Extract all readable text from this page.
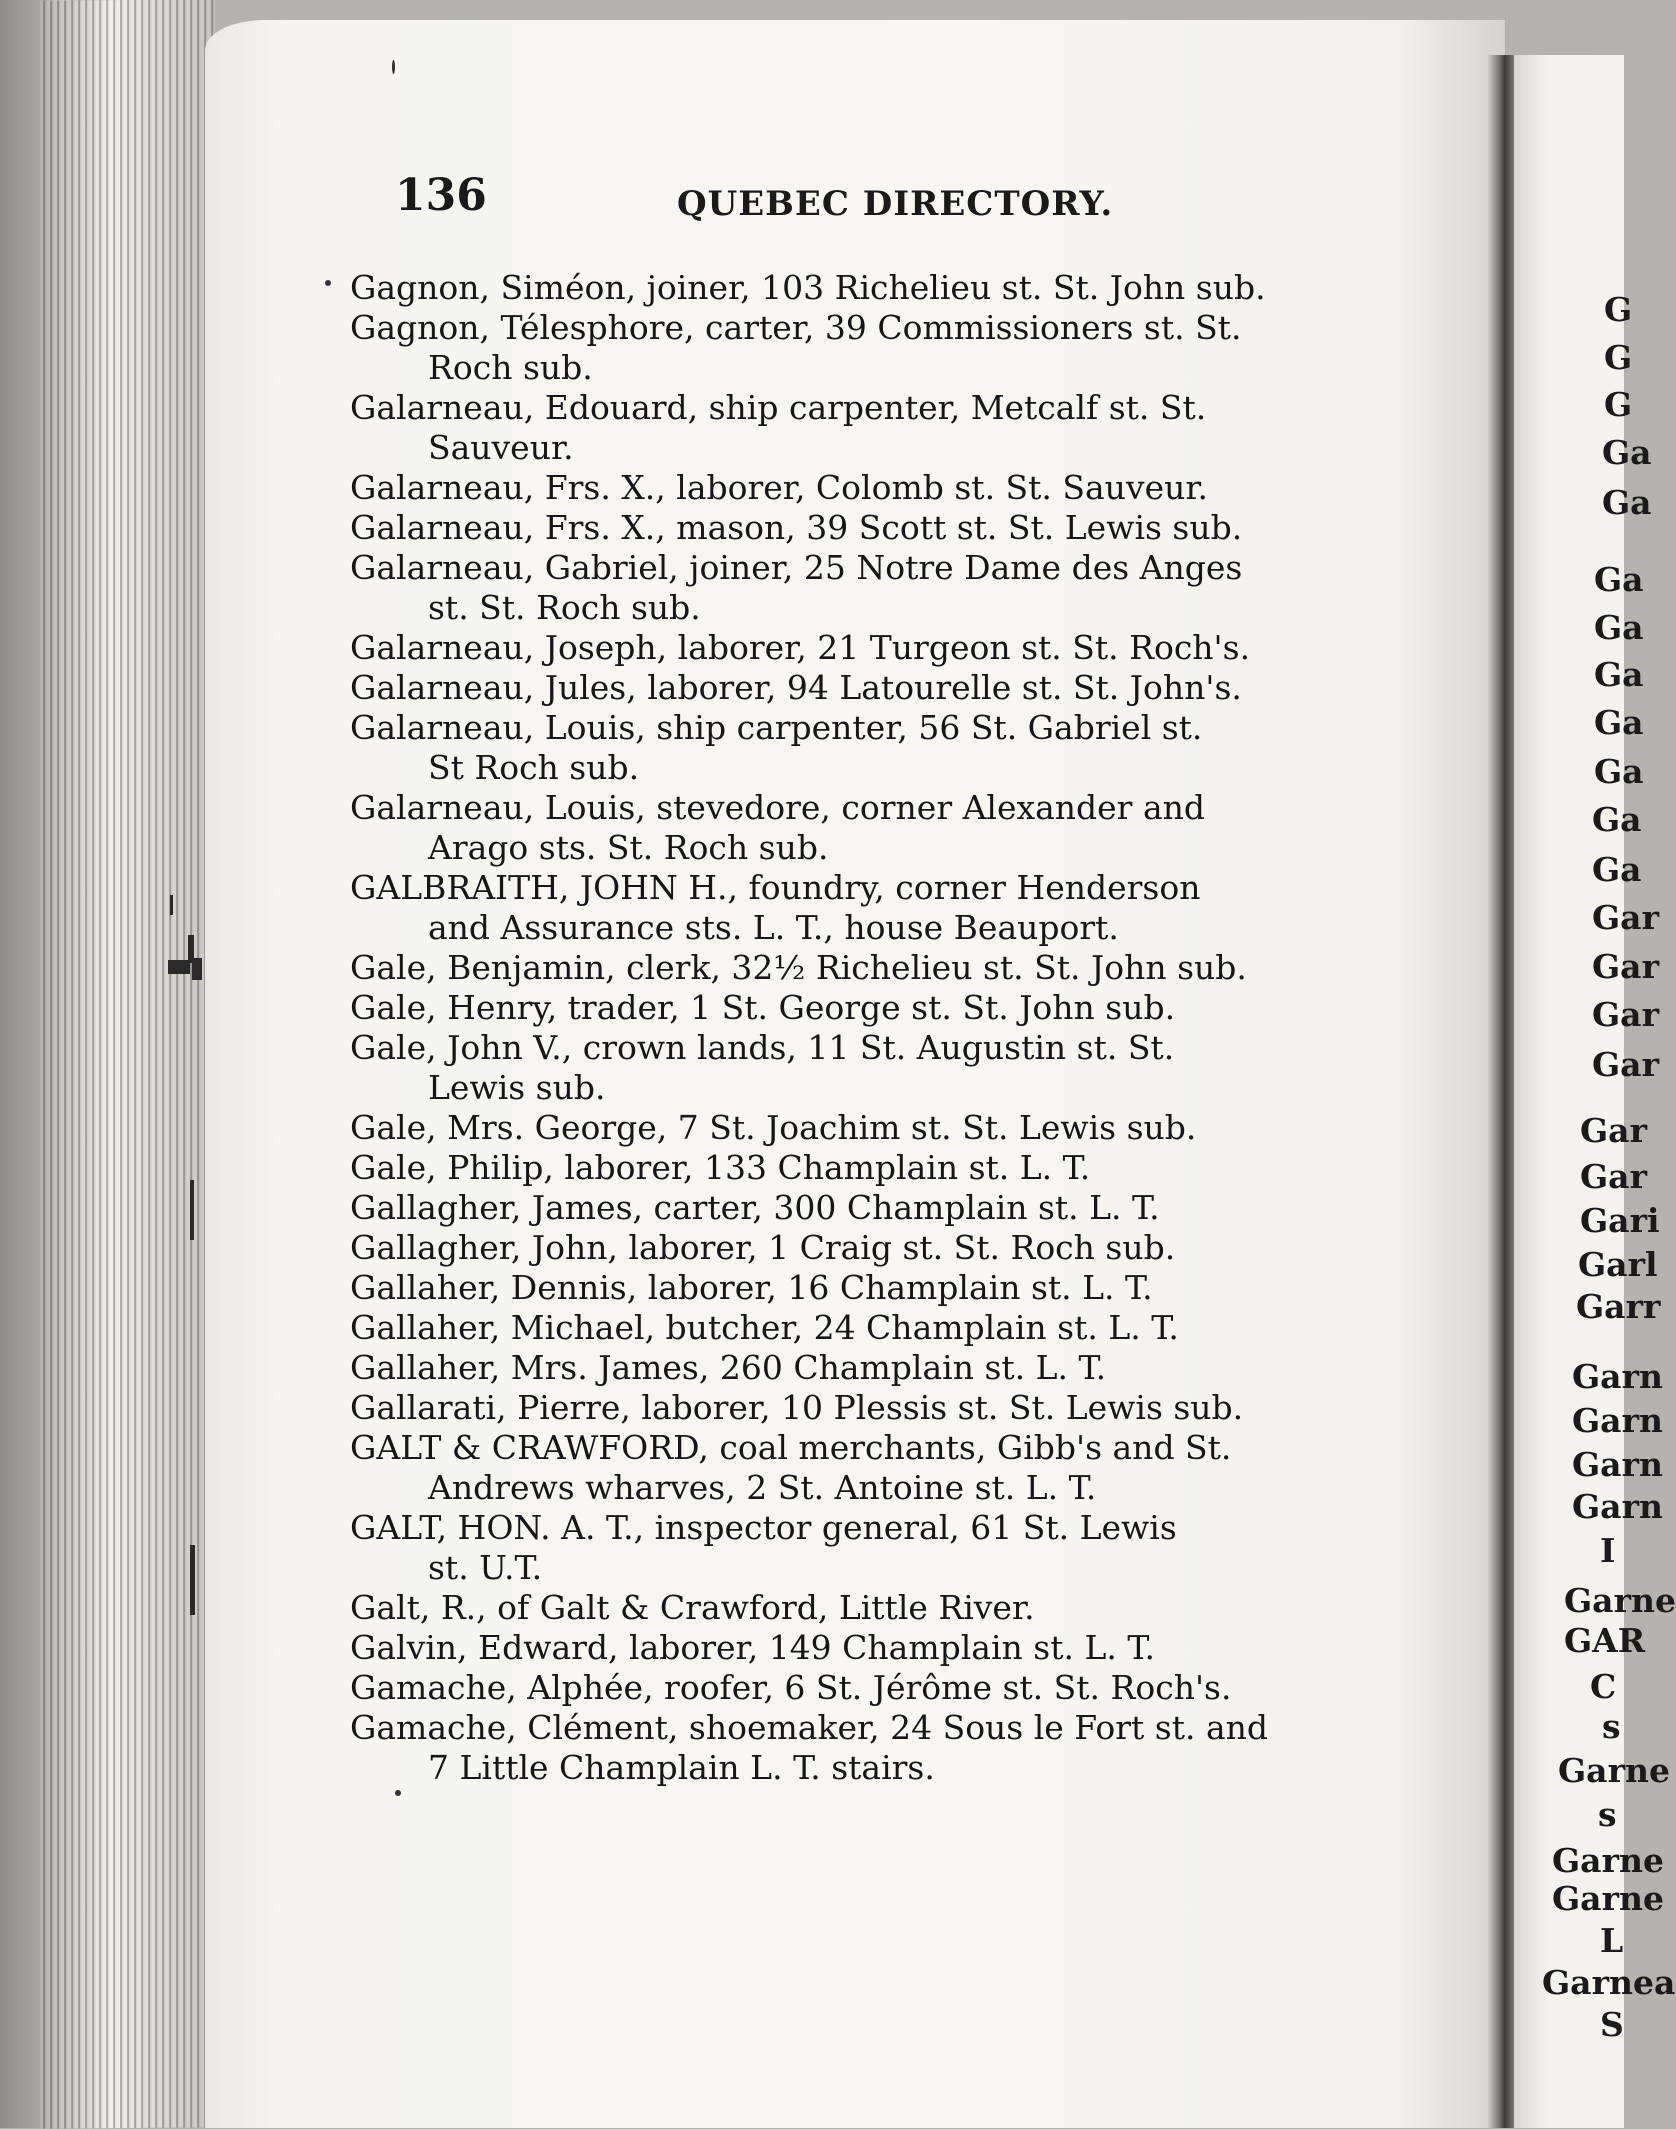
136	QUEBEC DIRECTORY.
Gagnon, Siméon, joiner, 103 Richelieu st. St. John sub.
Gagnon, Télesphore, carter, 39 Commissioners st. St.
Roch sub.
Galarneau, Edouard, ship carpenter, Metcalf st. St.
Sauveur.
Galarneau, Frs. X., laborer, Colomb st. St. Sauveur.
Galarneau, Frs. X., mason, 39 Scott st. St. Lewis sub.
Galarneau, Gabriel, joiner, 25 Notre Dame des Anges
st. St. Roch sub.
Galarneau, Joseph, laborer, 21 Turgeon st. St. Roch's.
Galarneau, Jules, laborer, 94 Latourelle st. St. John's.
Galarneau, Louis, ship carpenter, 56 St. Gabriel st.
St Roch sub.
Galarneau, Louis, stevedore, corner Alexander and
Arago sts. St. Roch sub.
GALBRAITH, JOHN H., foundry, corner Henderson
and Assurance sts. L. T., house Beauport.
Gale, Benjamin, clerk, 32½ Richelieu st. St. John sub.
Gale, Henry, trader, 1 St. George st. St. John sub.
Gale, John V., crown lands, 11 St. Augustin st. St.
Lewis sub.
Gale, Mrs. George, 7 St. Joachim st. St. Lewis sub.
Gale, Philip, laborer, 133 Champlain st. L. T.
Gallagher, James, carter, 300 Champlain st. L. T.
Gallagher, John, laborer, 1 Craig st. St. Roch sub.
Gallaher, Dennis, laborer, 16 Champlain st. L. T.
Gallaher, Michael, butcher, 24 Champlain st. L. T.
Gallaher, Mrs. James, 260 Champlain st. L. T.
Gallarati, Pierre, laborer, 10 Plessis st. St. Lewis sub.
GALT & CRAWFORD, coal merchants, Gibb's and St.
Andrews wharves, 2 St. Antoine st. L. T.
GALT, HON. A. T., inspector general, 61 St. Lewis
st. U.T.
Galt, R., of Galt & Crawford, Little River.
Galvin, Edward, laborer, 149 Champlain st. L. T.
Gamache, Alphée, roofer, 6 St. Jérôme st. St. Roch's.
Gamache, Clément, shoemaker, 24 Sous le Fort st. and
7 Little Champlain L. T. stairs.
G
G
G
Ga
Ga
Ga
Ga
Ga
Ga
Ga
Ga
Ga
Gar
Gar
Gar
Gar
Gar
Gar
Gari
Garl
Garr
Garn
Garn
Garn
Garn
I
Garne
GAR
C
s
Garne
s
Garne
Garne
L
Garnea
S
